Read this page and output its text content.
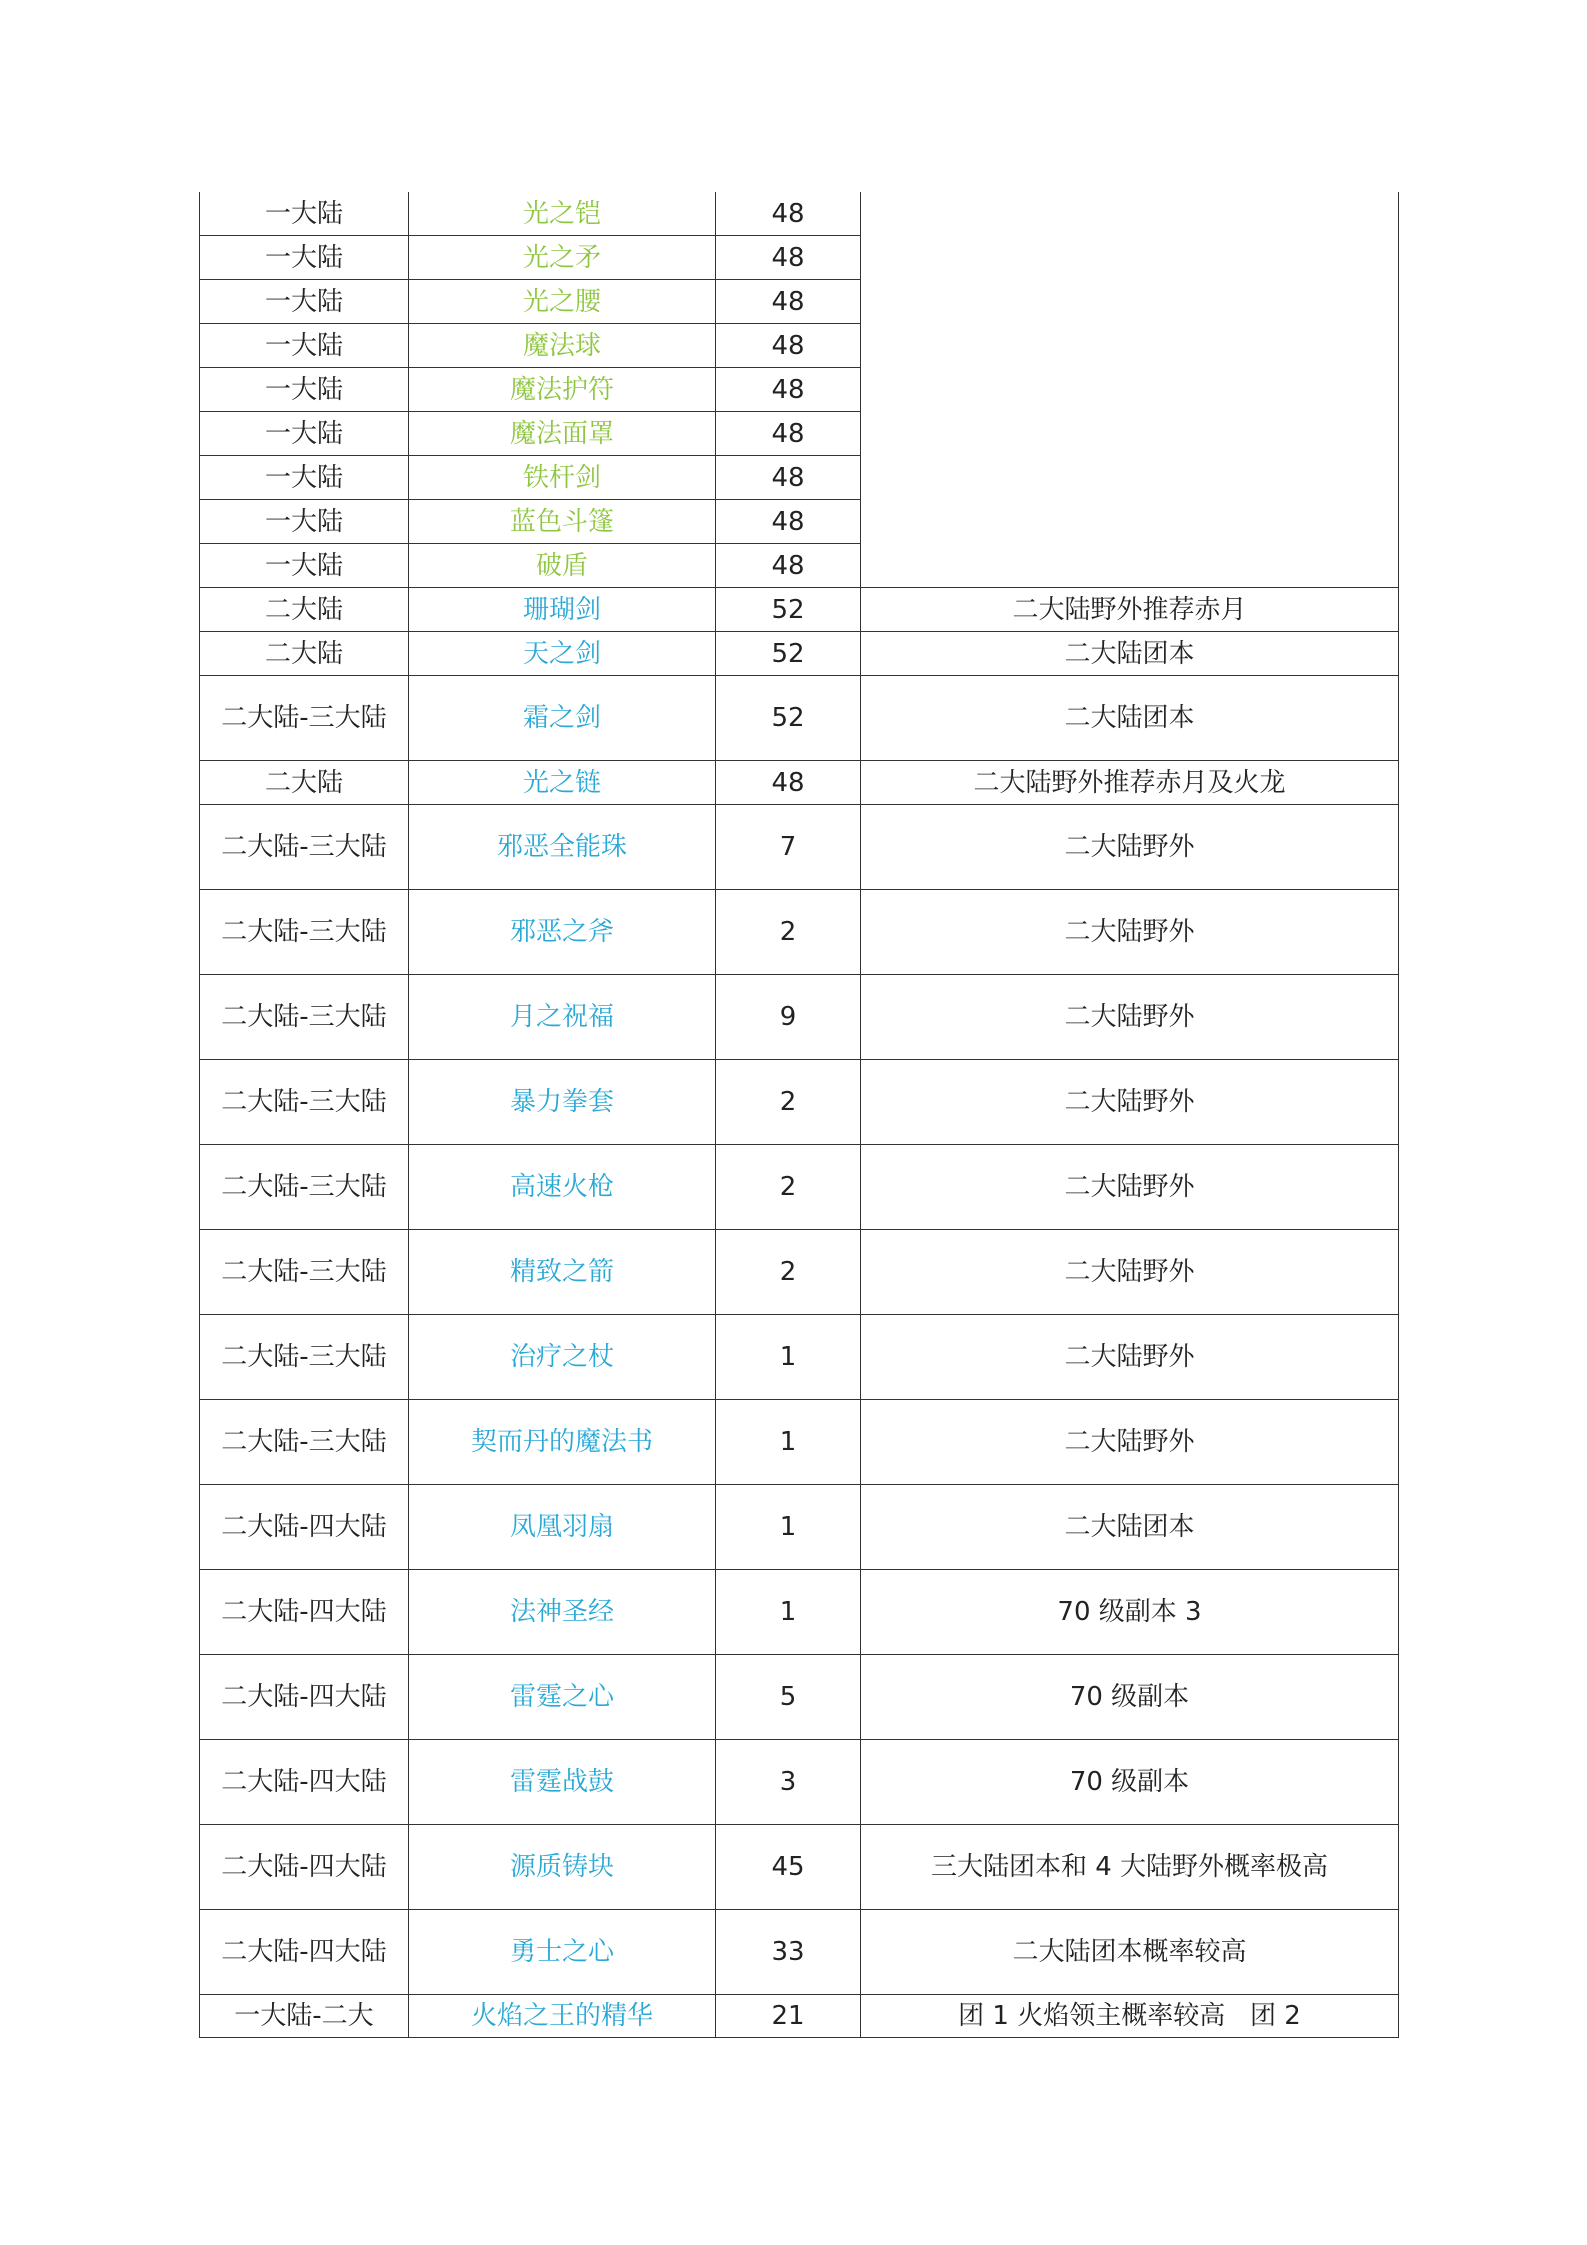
一大陆	光之铠	48	
一大陆	光之矛	48	
一大陆	光之腰	48	
一大陆	魔法球	48	
一大陆	魔法护符	48	
一大陆	魔法面罩	48	
一大陆	铁杆剑	48	
一大陆	蓝色斗篷	48	
一大陆	破盾	48	
二大陆	珊瑚剑	52	二大陆野外推荐赤月
二大陆	天之剑	52	二大陆团本
二大陆-三大陆	霜之剑	52	二大陆团本
二大陆	光之链	48	二大陆野外推荐赤月及火龙
二大陆-三大陆	邪恶全能珠	7	二大陆野外
二大陆-三大陆	邪恶之斧	2	二大陆野外
二大陆-三大陆	月之祝福	9	二大陆野外
二大陆-三大陆	暴力拳套	2	二大陆野外
二大陆-三大陆	高速火枪	2	二大陆野外
二大陆-三大陆	精致之箭	2	二大陆野外
二大陆-三大陆	治疗之杖	1	二大陆野外
二大陆-三大陆	契而丹的魔法书	1	二大陆野外
二大陆-四大陆	凤凰羽扇	1	二大陆团本
二大陆-四大陆	法神圣经	1	70 级副本 3
二大陆-四大陆	雷霆之心	5	70 级副本
二大陆-四大陆	雷霆战鼓	3	70 级副本
二大陆-四大陆	源质铸块	45	三大陆团本和 4 大陆野外概率极高
二大陆-四大陆	勇士之心	33	二大陆团本概率较高
一大陆-二大	火焰之王的精华	21	团 1 火焰领主概率较高   团 2
